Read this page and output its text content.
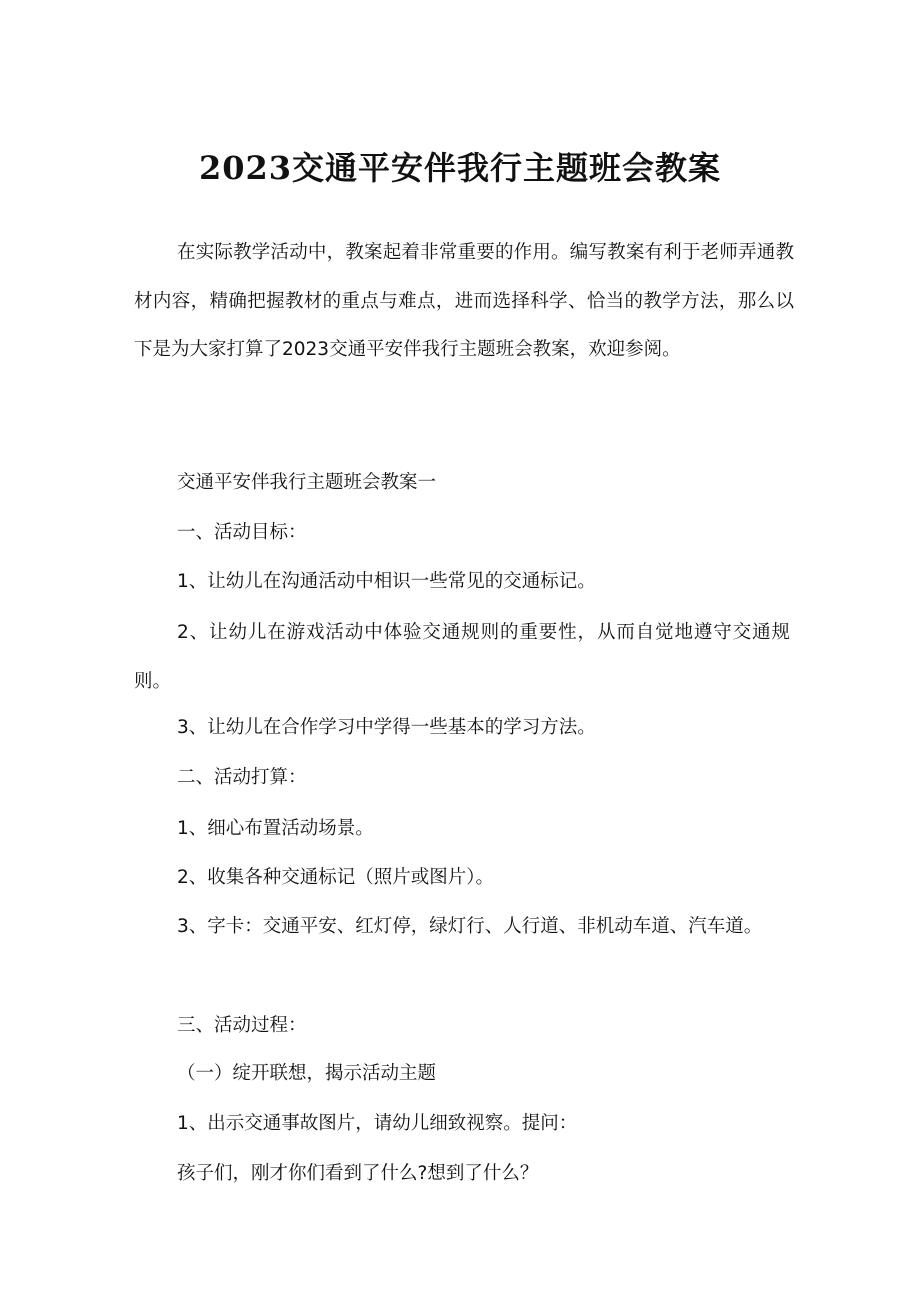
2023交通平安伴我行主题班会教案
在实际教学活动中，教案起着非常重要的作用。编写教案有利于老师弄通教材内容，精确把握教材的重点与难点，进而选择科学、恰当的教学方法，那么以下是为大家打算了2023交通平安伴我行主题班会教案，欢迎参阅。
交通平安伴我行主题班会教案一
一、活动目标：
1、让幼儿在沟通活动中相识一些常见的交通标记。
2、让幼儿在游戏活动中体验交通规则的重要性，从而自觉地遵守交通规则。
3、让幼儿在合作学习中学得一些基本的学习方法。
二、活动打算：
1、细心布置活动场景。
2、收集各种交通标记（照片或图片）。
3、字卡：交通平安、红灯停，绿灯行、人行道、非机动车道、汽车道。
三、活动过程：
（一）绽开联想，揭示活动主题
1、出示交通事故图片，请幼儿细致视察。提问：
孩子们，刚才你们看到了什么?想到了什么？
